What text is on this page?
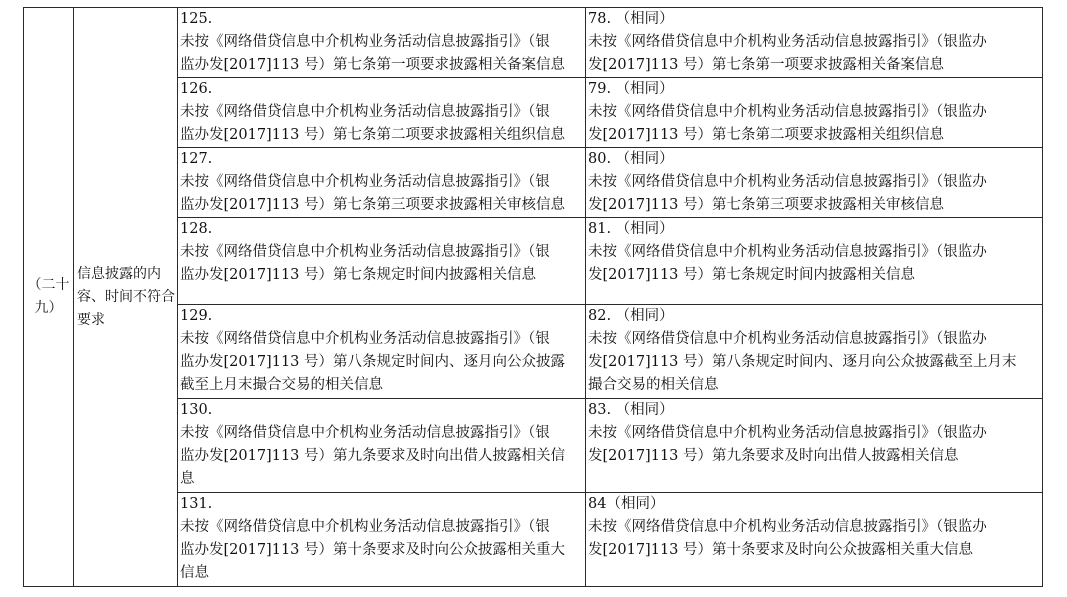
（二十九）	信息披露的内容、时间不符合要求	125.
未按《网络借贷信息中介机构业务活动信息披露指引》（银
监办发[2017]113 号）第七条第一项要求披露相关备案信息	78. （相同）
未按《网络借贷信息中介机构业务活动信息披露指引》（银监办
发[2017]113 号）第七条第一项要求披露相关备案信息

		126.
未按《网络借贷信息中介机构业务活动信息披露指引》（银
监办发[2017]113 号）第七条第二项要求披露相关组织信息	79. （相同）
未按《网络借贷信息中介机构业务活动信息披露指引》（银监办
发[2017]113 号）第七条第二项要求披露相关组织信息

		127.
未按《网络借贷信息中介机构业务活动信息披露指引》（银
监办发[2017]113 号）第七条第三项要求披露相关审核信息	80. （相同）
未按《网络借贷信息中介机构业务活动信息披露指引》（银监办
发[2017]113 号）第七条第三项要求披露相关审核信息

		128.
未按《网络借贷信息中介机构业务活动信息披露指引》（银
监办发[2017]113 号）第七条规定时间内披露相关信息	81. （相同）
未按《网络借贷信息中介机构业务活动信息披露指引》（银监办
发[2017]113 号）第七条规定时间内披露相关信息

		129.
未按《网络借贷信息中介机构业务活动信息披露指引》（银
监办发[2017]113 号）第八条规定时间内、逐月向公众披露
截至上月末撮合交易的相关信息	82. （相同）
未按《网络借贷信息中介机构业务活动信息披露指引》（银监办
发[2017]113 号）第八条规定时间内、逐月向公众披露截至上月末
撮合交易的相关信息

		130.
未按《网络借贷信息中介机构业务活动信息披露指引》（银
监办发[2017]113 号）第九条要求及时向出借人披露相关信
息	83. （相同）
未按《网络借贷信息中介机构业务活动信息披露指引》（银监办
发[2017]113 号）第九条要求及时向出借人披露相关信息

		131.
未按《网络借贷信息中介机构业务活动信息披露指引》（银
监办发[2017]113 号）第十条要求及时向公众披露相关重大
信息	84（相同）
未按《网络借贷信息中介机构业务活动信息披露指引》（银监办
发[2017]113 号）第十条要求及时向公众披露相关重大信息
